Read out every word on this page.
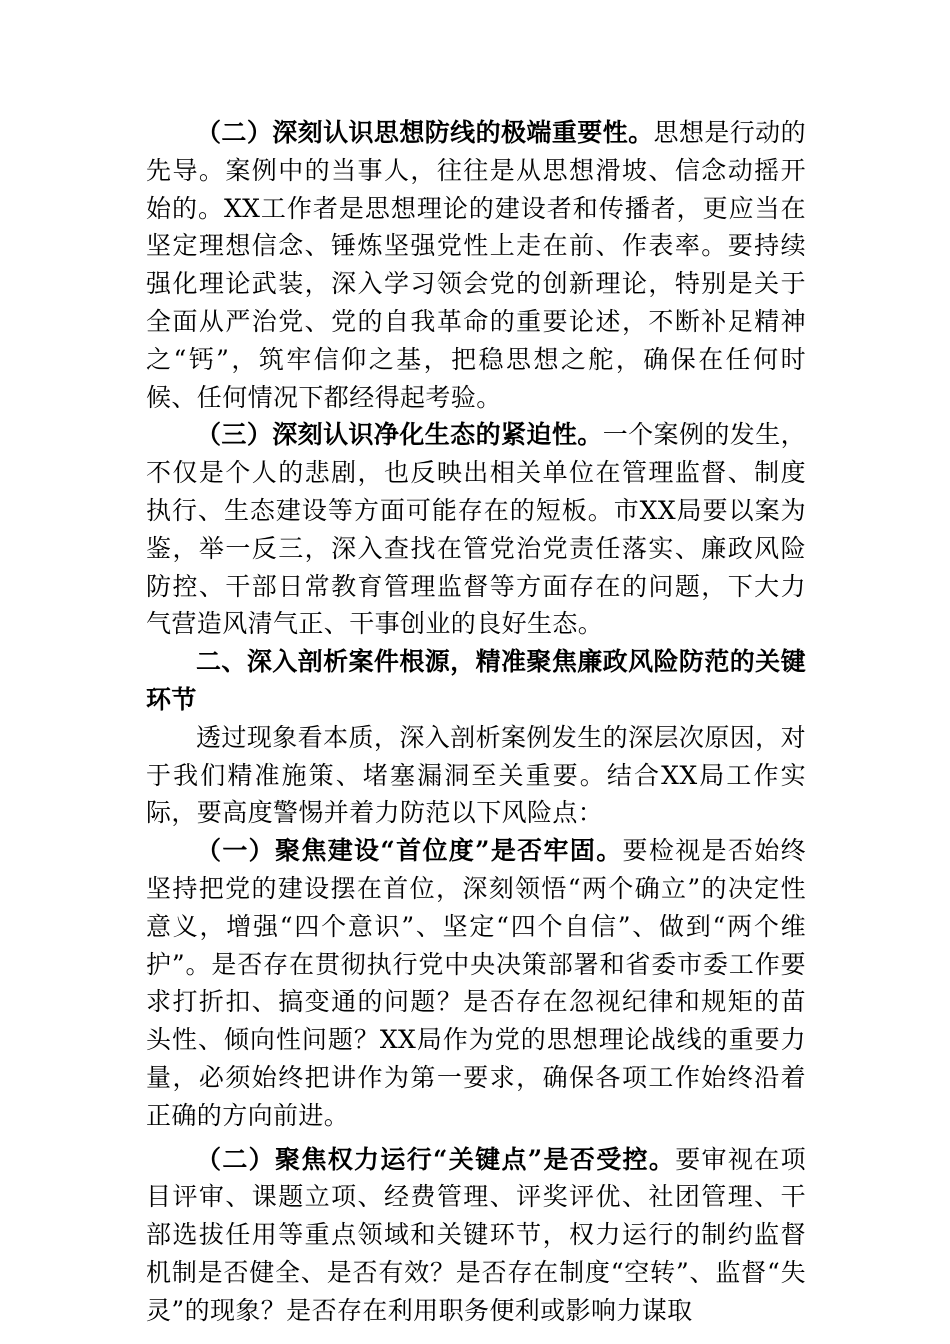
（二）深刻认识思想防线的极端重要性。思想是行动的先导。案例中的当事人，往往是从思想滑坡、信念动摇开始的。XX工作者是思想理论的建设者和传播者，更应当在坚定理想信念、锤炼坚强党性上走在前、作表率。要持续强化理论武装，深入学习领会党的创新理论，特别是关于全面从严治党、党的自我革命的重要论述，不断补足精神之“钙”，筑牢信仰之基，把稳思想之舵，确保在任何时候、任何情况下都经得起考验。

（三）深刻认识净化生态的紧迫性。一个案例的发生，不仅是个人的悲剧，也反映出相关单位在管理监督、制度执行、生态建设等方面可能存在的短板。市XX局要以案为鉴，举一反三，深入查找在管党治党责任落实、廉政风险防控、干部日常教育管理监督等方面存在的问题，下大力气营造风清气正、干事创业的良好生态。

二、深入剖析案件根源，精准聚焦廉政风险防范的关键环节

透过现象看本质，深入剖析案例发生的深层次原因，对于我们精准施策、堵塞漏洞至关重要。结合XX局工作实际，要高度警惕并着力防范以下风险点：

（一）聚焦建设“首位度”是否牢固。要检视是否始终坚持把党的建设摆在首位，深刻领悟“两个确立”的决定性意义，增强“四个意识”、坚定“四个自信”、做到“两个维护”。是否存在贯彻执行党中央决策部署和省委市委工作要求打折扣、搞变通的问题？是否存在忽视纪律和规矩的苗头性、倾向性问题？XX局作为党的思想理论战线的重要力量，必须始终把讲作为第一要求，确保各项工作始终沿着正确的方向前进。

（二）聚焦权力运行“关键点”是否受控。要审视在项目评审、课题立项、经费管理、评奖评优、社团管理、干部选拔任用等重点领域和关键环节，权力运行的制约监督机制是否健全、是否有效？是否存在制度“空转”、监督“失灵”的现象？是否存在利用职务便利或影响力谋取
